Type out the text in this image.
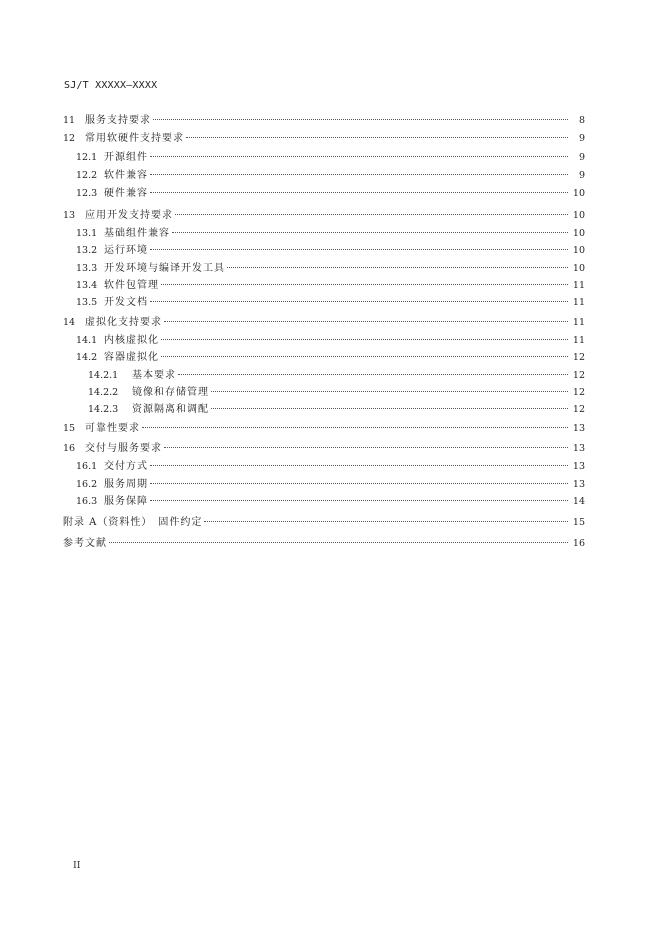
SJ/T XXXXX—XXXX
11 服务支持要求	8
12 常用软硬件支持要求	9
12.1 开源组件	9
12.2 软件兼容	9
12.3 硬件兼容	10
13 应用开发支持要求	10
13.1 基础组件兼容	10
13.2 运行环境	10
13.3 开发环境与编译开发工具	10
13.4 软件包管理	11
13.5 开发文档	11
14 虚拟化支持要求	11
14.1 内核虚拟化	11
14.2 容器虚拟化	12
14.2.1	基本要求	12
14.2.2	镜像和存储管理	12
14.2.3	资源隔离和调配	12
15 可靠性要求	13
16 交付与服务要求	13
16.1 交付方式	13
16.2 服务周期	13
16.3 服务保障	14
附录 A（资料性）　固件约定	15
参考文献	16
II
